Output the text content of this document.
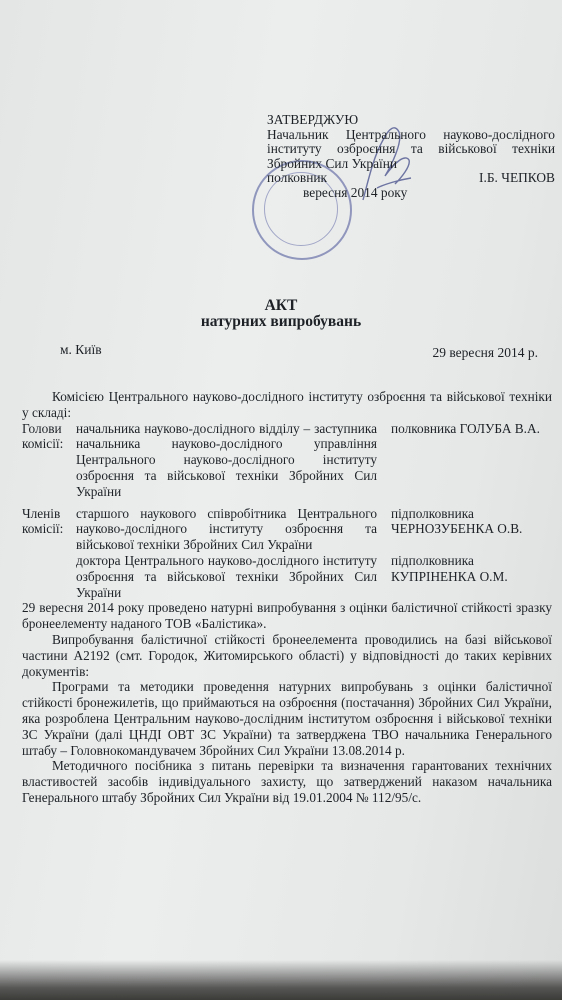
ЗАТВЕРДЖУЮ
Начальник Центрального науково-дослідного інституту озброєння та військової техніки Збройних Сил України
полковник	І.Б. ЧЕПКОВ
вересня 2014 року
АКТ
натурних випробувань
м. Київ	29 вересня 2014 р.

Комісією Центрального науково-дослідного інституту озброєння та військової техніки у складі:

Голови комісії:
начальника науково-дослідного відділу – заступника начальника науково-дослідного управління Центрального науково-дослідного інституту озброєння та військової техніки Збройних Сил України
полковника ГОЛУБА В.А.
Членів комісії:
старшого наукового співробітника Центрального науково-дослідного інституту озброєння та військової техніки Збройних Сил України
підполковника ЧЕРНОЗУБЕНКА О.В.
доктора Центрального науково-дослідного інституту озброєння та військової техніки Збройних Сил України
підполковника КУПРІНЕНКА О.М.

29 вересня 2014 року проведено натурні випробування з оцінки балістичної стійкості зразку бронеелементу наданого ТОВ «Балістика».

Випробування балістичної стійкості бронеелемента проводились на базі військової частини А2192 (смт. Городок, Житомирського області) у відповідності до таких керівних документів:

Програми та методики проведення натурних випробувань з оцінки балістичної стійкості бронежилетів, що приймаються на озброєння (постачання) Збройних Сил України, яка розроблена Центральним науково-дослідним інститутом озброєння і військової техніки ЗС України (далі ЦНДІ ОВТ ЗС України) та затверджена ТВО начальника Генерального штабу – Головнокомандувачем Збройних Сил України 13.08.2014 р.

Методичного посібника з питань перевірки та визначення гарантованих технічних властивостей засобів індивідуального захисту, що затверджений наказом начальника Генерального штабу Збройних Сил України від 19.01.2004 № 112/95/с.
